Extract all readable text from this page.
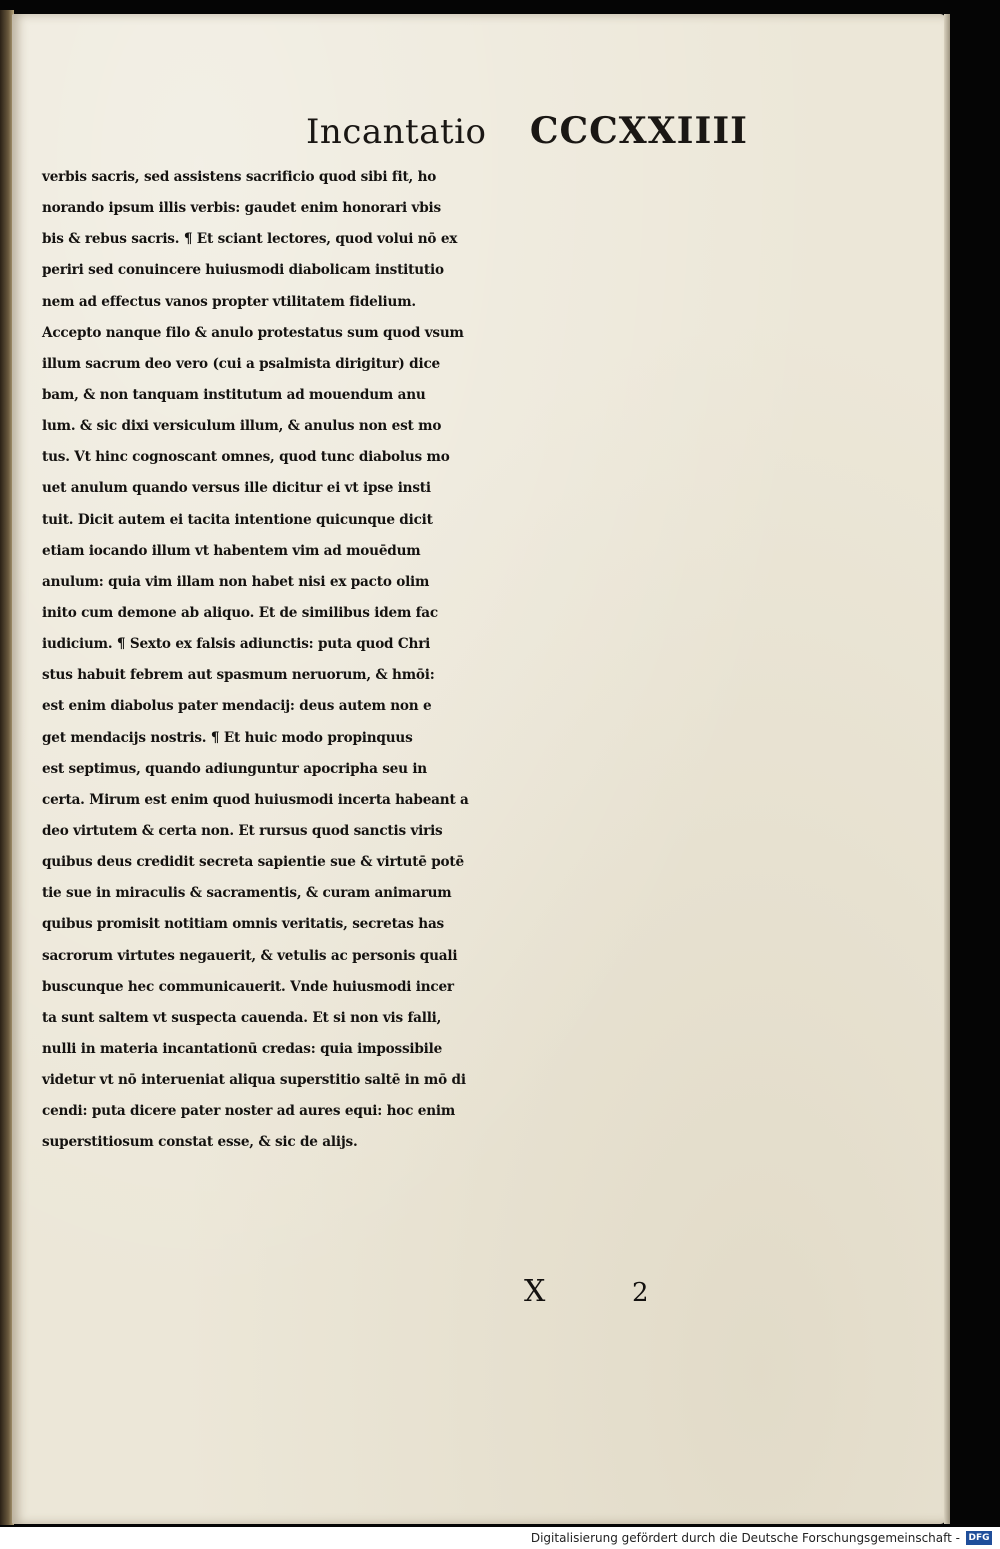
Incantatio CCCXXIIII
verbis sacris, sed assistens sacrificio quod sibi fit, ho
norando ipsum illis verbis: gaudet enim honorari vbis
bis & rebus sacris. ¶ Et sciant lectores, quod volui nō ex
periri sed conuincere huiusmodi diabolicam institutio
nem ad effectus vanos propter vtilitatem fidelium.
Accepto nanque filo & anulo protestatus sum quod vsum
illum sacrum deo vero (cui a psalmista dirigitur) dice
bam, & non tanquam institutum ad mouendum anu
lum. & sic dixi versiculum illum, & anulus non est mo
tus. Vt hinc cognoscant omnes, quod tunc diabolus mo
uet anulum quando versus ille dicitur ei vt ipse insti
tuit. Dicit autem ei tacita intentione quicunque dicit
etiam iocando illum vt habentem vim ad mouēdum
anulum: quia vim illam non habet nisi ex pacto olim
inito cum demone ab aliquo. Et de similibus idem fac
iudicium. ¶ Sexto ex falsis adiunctis: puta quod Chri
stus habuit febrem aut spasmum neruorum, & hmōi:
est enim diabolus pater mendacij: deus autem non e
get mendacijs nostris. ¶ Et huic modo propinquus
est septimus, quando adiunguntur apocripha seu in
certa. Mirum est enim quod huiusmodi incerta habeant a
deo virtutem & certa non. Et rursus quod sanctis viris
quibus deus credidit secreta sapientie sue & virtutē potē
tie sue in miraculis & sacramentis, & curam animarum
quibus promisit notitiam omnis veritatis, secretas has
sacrorum virtutes negauerit, & vetulis ac personis quali
buscunque hec communicauerit. Vnde huiusmodi incer
ta sunt saltem vt suspecta cauenda. Et si non vis falli,
nulli in materia incantationū credas: quia impossibile
videtur vt nō interueniat aliqua superstitio saltē in mō di
cendi: puta dicere pater noster ad aures equi: hoc enim
superstitiosum constat esse, & sic de alijs.
X	2
Digitalisierung gefördert durch die Deutsche Forschungsgemeinschaft - DFG
